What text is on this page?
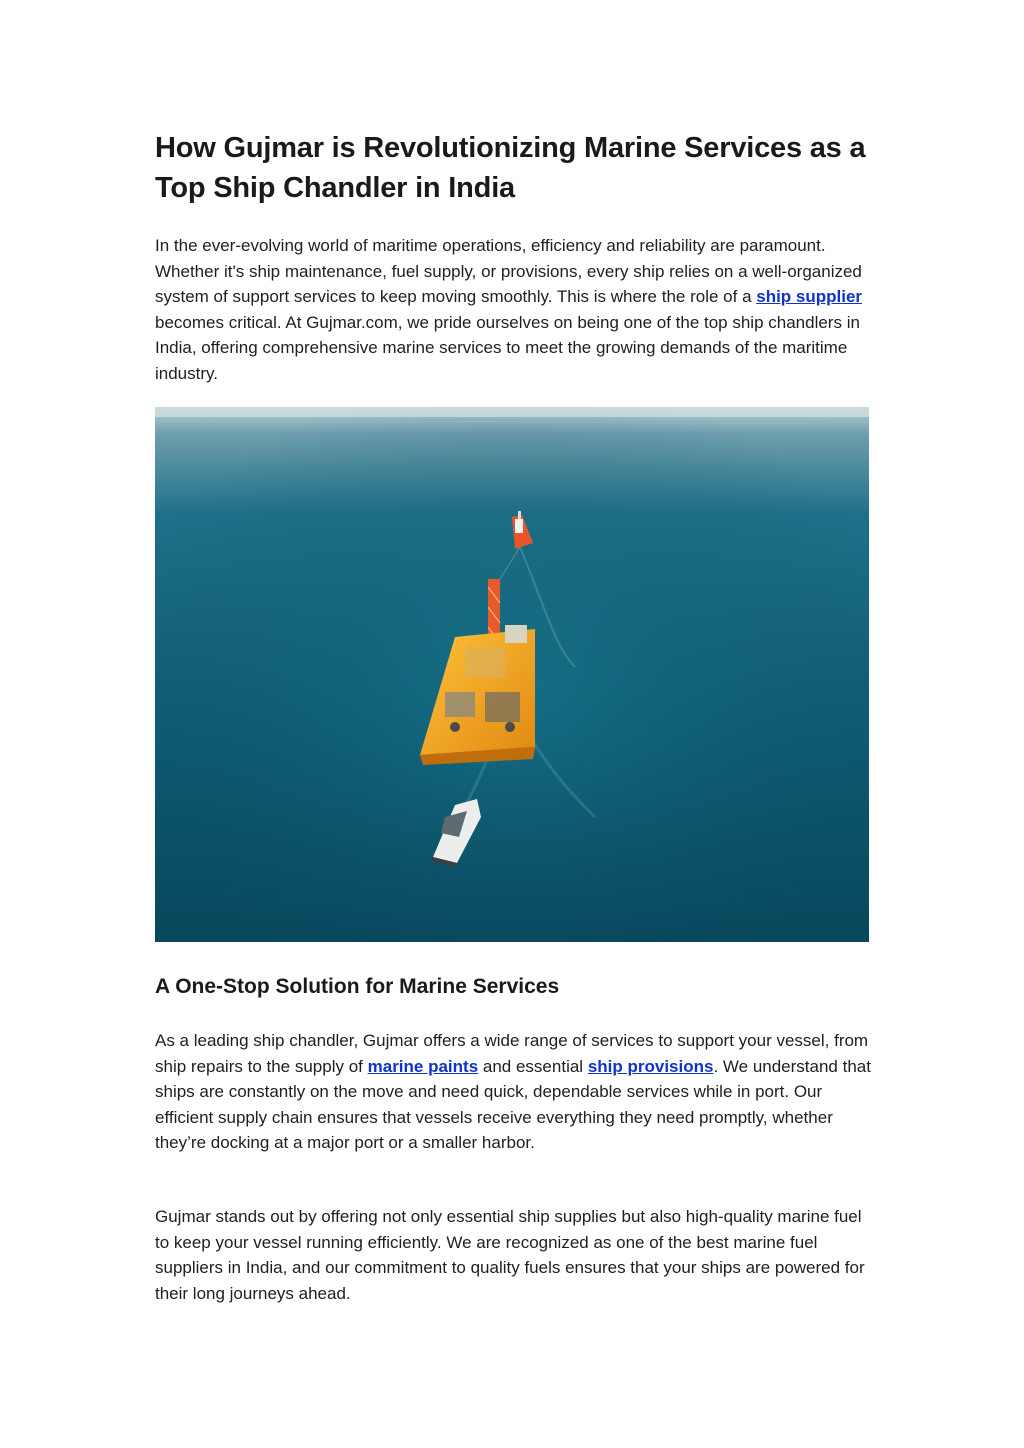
How Gujmar is Revolutionizing Marine Services as a Top Ship Chandler in India

In the ever-evolving world of maritime operations, efficiency and reliability are paramount. Whether it's ship maintenance, fuel supply, or provisions, every ship relies on a well-organized system of support services to keep moving smoothly. This is where the role of a ship supplier becomes critical. At Gujmar.com, we pride ourselves on being one of the top ship chandlers in India, offering comprehensive marine services to meet the growing demands of the maritime industry.

A One-Stop Solution for Marine Services

As a leading ship chandler, Gujmar offers a wide range of services to support your vessel, from ship repairs to the supply of marine paints and essential ship provisions. We understand that ships are constantly on the move and need quick, dependable services while in port. Our efficient supply chain ensures that vessels receive everything they need promptly, whether they’re docking at a major port or a smaller harbor.

Gujmar stands out by offering not only essential ship supplies but also high-quality marine fuel to keep your vessel running efficiently. We are recognized as one of the best marine fuel suppliers in India, and our commitment to quality fuels ensures that your ships are powered for their long journeys ahead.
